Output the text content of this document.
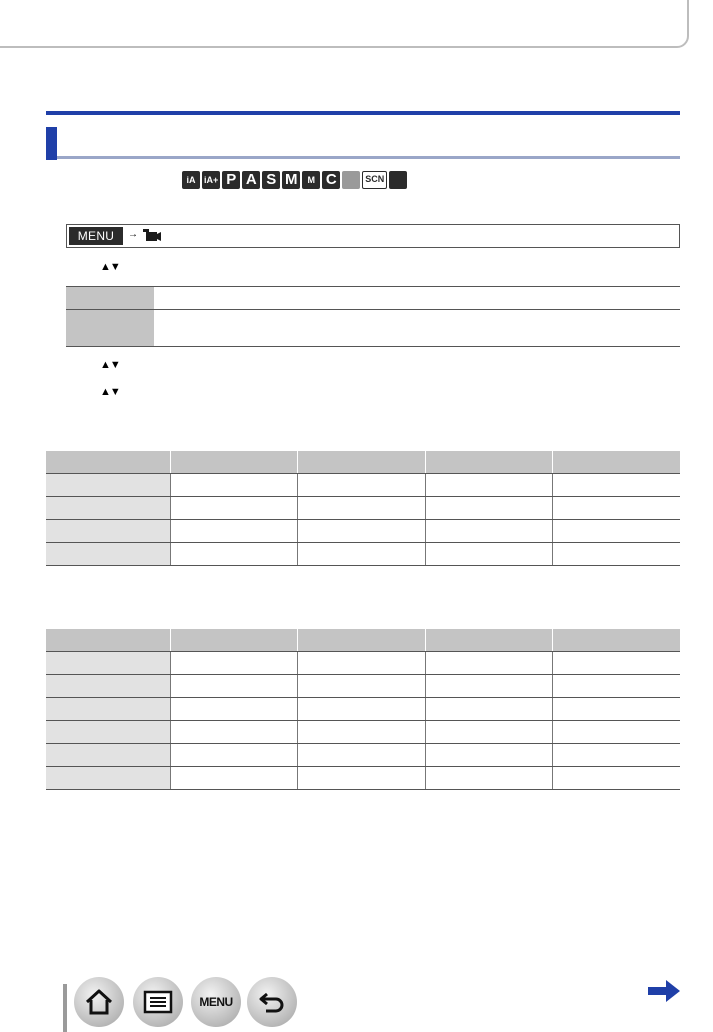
iA iA+ P A S M	M C	SCN
MENU	→
▲▼
▲▼
▲▼

MENU
